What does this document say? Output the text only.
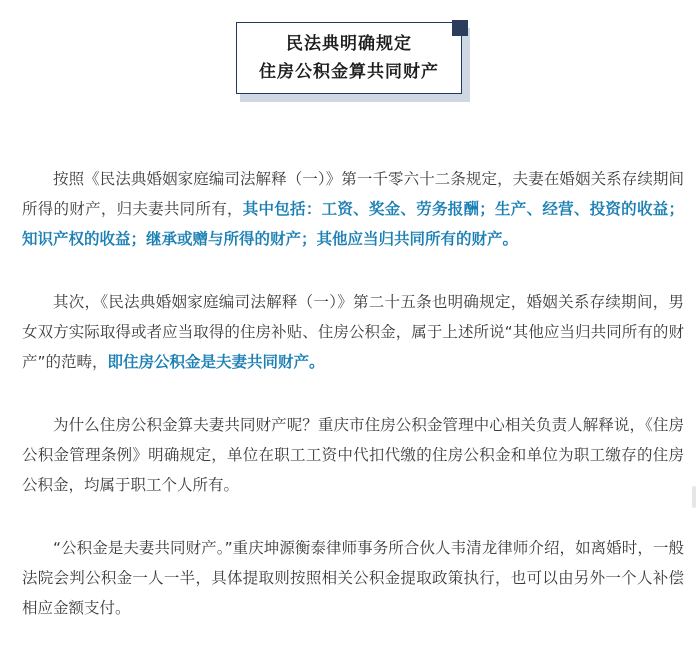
民法典明确规定
住房公积金算共同财产

按照《民法典婚姻家庭编司法解释（一）》第一千零六十二条规定，夫妻在婚姻关系存续期间所得的财产，归夫妻共同所有，其中包括：工资、奖金、劳务报酬；生产、经营、投资的收益；知识产权的收益；继承或赠与所得的财产；其他应当归共同所有的财产。

其次，《民法典婚姻家庭编司法解释（一）》第二十五条也明确规定，婚姻关系存续期间，男女双方实际取得或者应当取得的住房补贴、住房公积金，属于上述所说“其他应当归共同所有的财产”的范畴，即住房公积金是夫妻共同财产。

为什么住房公积金算夫妻共同财产呢？重庆市住房公积金管理中心相关负责人解释说，《住房公积金管理条例》明确规定，单位在职工工资中代扣代缴的住房公积金和单位为职工缴存的住房公积金，均属于职工个人所有。

“公积金是夫妻共同财产。”重庆坤源衡泰律师事务所合伙人韦清龙律师介绍，如离婚时，一般法院会判公积金一人一半，具体提取则按照相关公积金提取政策执行，也可以由另外一个人补偿相应金额支付。
